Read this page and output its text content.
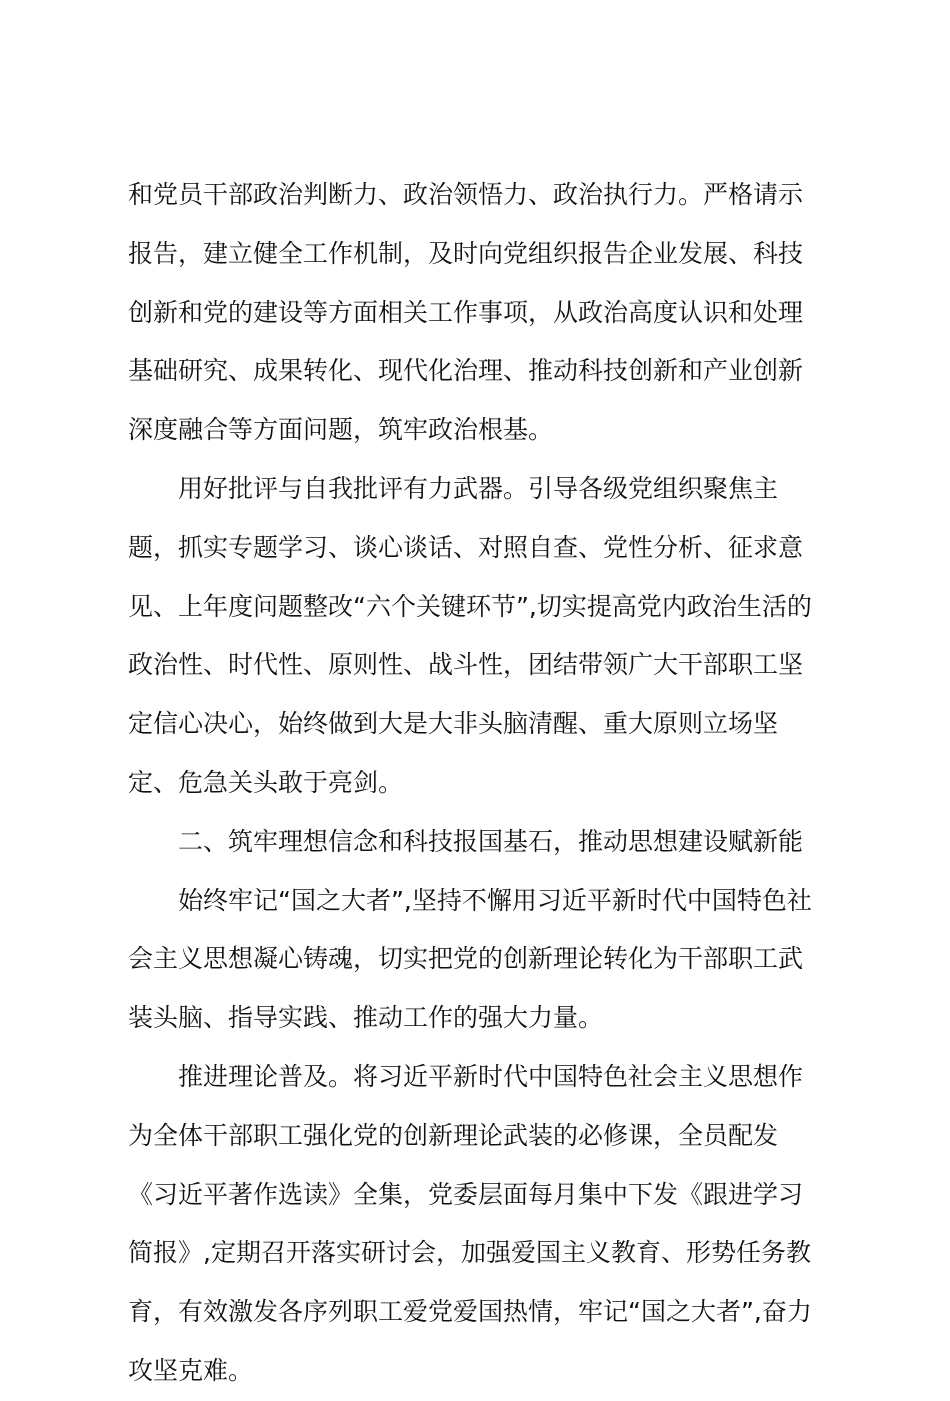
和党员干部政治判断力、政治领悟力、政治执行力。严格请示
报告，建立健全工作机制，及时向党组织报告企业发展、科技
创新和党的建设等方面相关工作事项，从政治高度认识和处理
基础研究、成果转化、现代化治理、推动科技创新和产业创新
深度融合等方面问题，筑牢政治根基。
用好批评与自我批评有力武器。引导各级党组织聚焦主
题，抓实专题学习、谈心谈话、对照自查、党性分析、征求意
见、上年度问题整改“六个关键环节”,切实提高党内政治生活的
政治性、时代性、原则性、战斗性，团结带领广大干部职工坚
定信心决心，始终做到大是大非头脑清醒、重大原则立场坚
定、危急关头敢于亮剑。
二、筑牢理想信念和科技报国基石，推动思想建设赋新能
始终牢记“国之大者”,坚持不懈用习近平新时代中国特色社
会主义思想凝心铸魂，切实把党的创新理论转化为干部职工武
装头脑、指导实践、推动工作的强大力量。
推进理论普及。将习近平新时代中国特色社会主义思想作
为全体干部职工强化党的创新理论武装的必修课，全员配发
《习近平著作选读》全集，党委层面每月集中下发《跟进学习
简报》,定期召开落实研讨会，加强爱国主义教育、形势任务教
育，有效激发各序列职工爱党爱国热情，牢记“国之大者”,奋力
攻坚克难。
